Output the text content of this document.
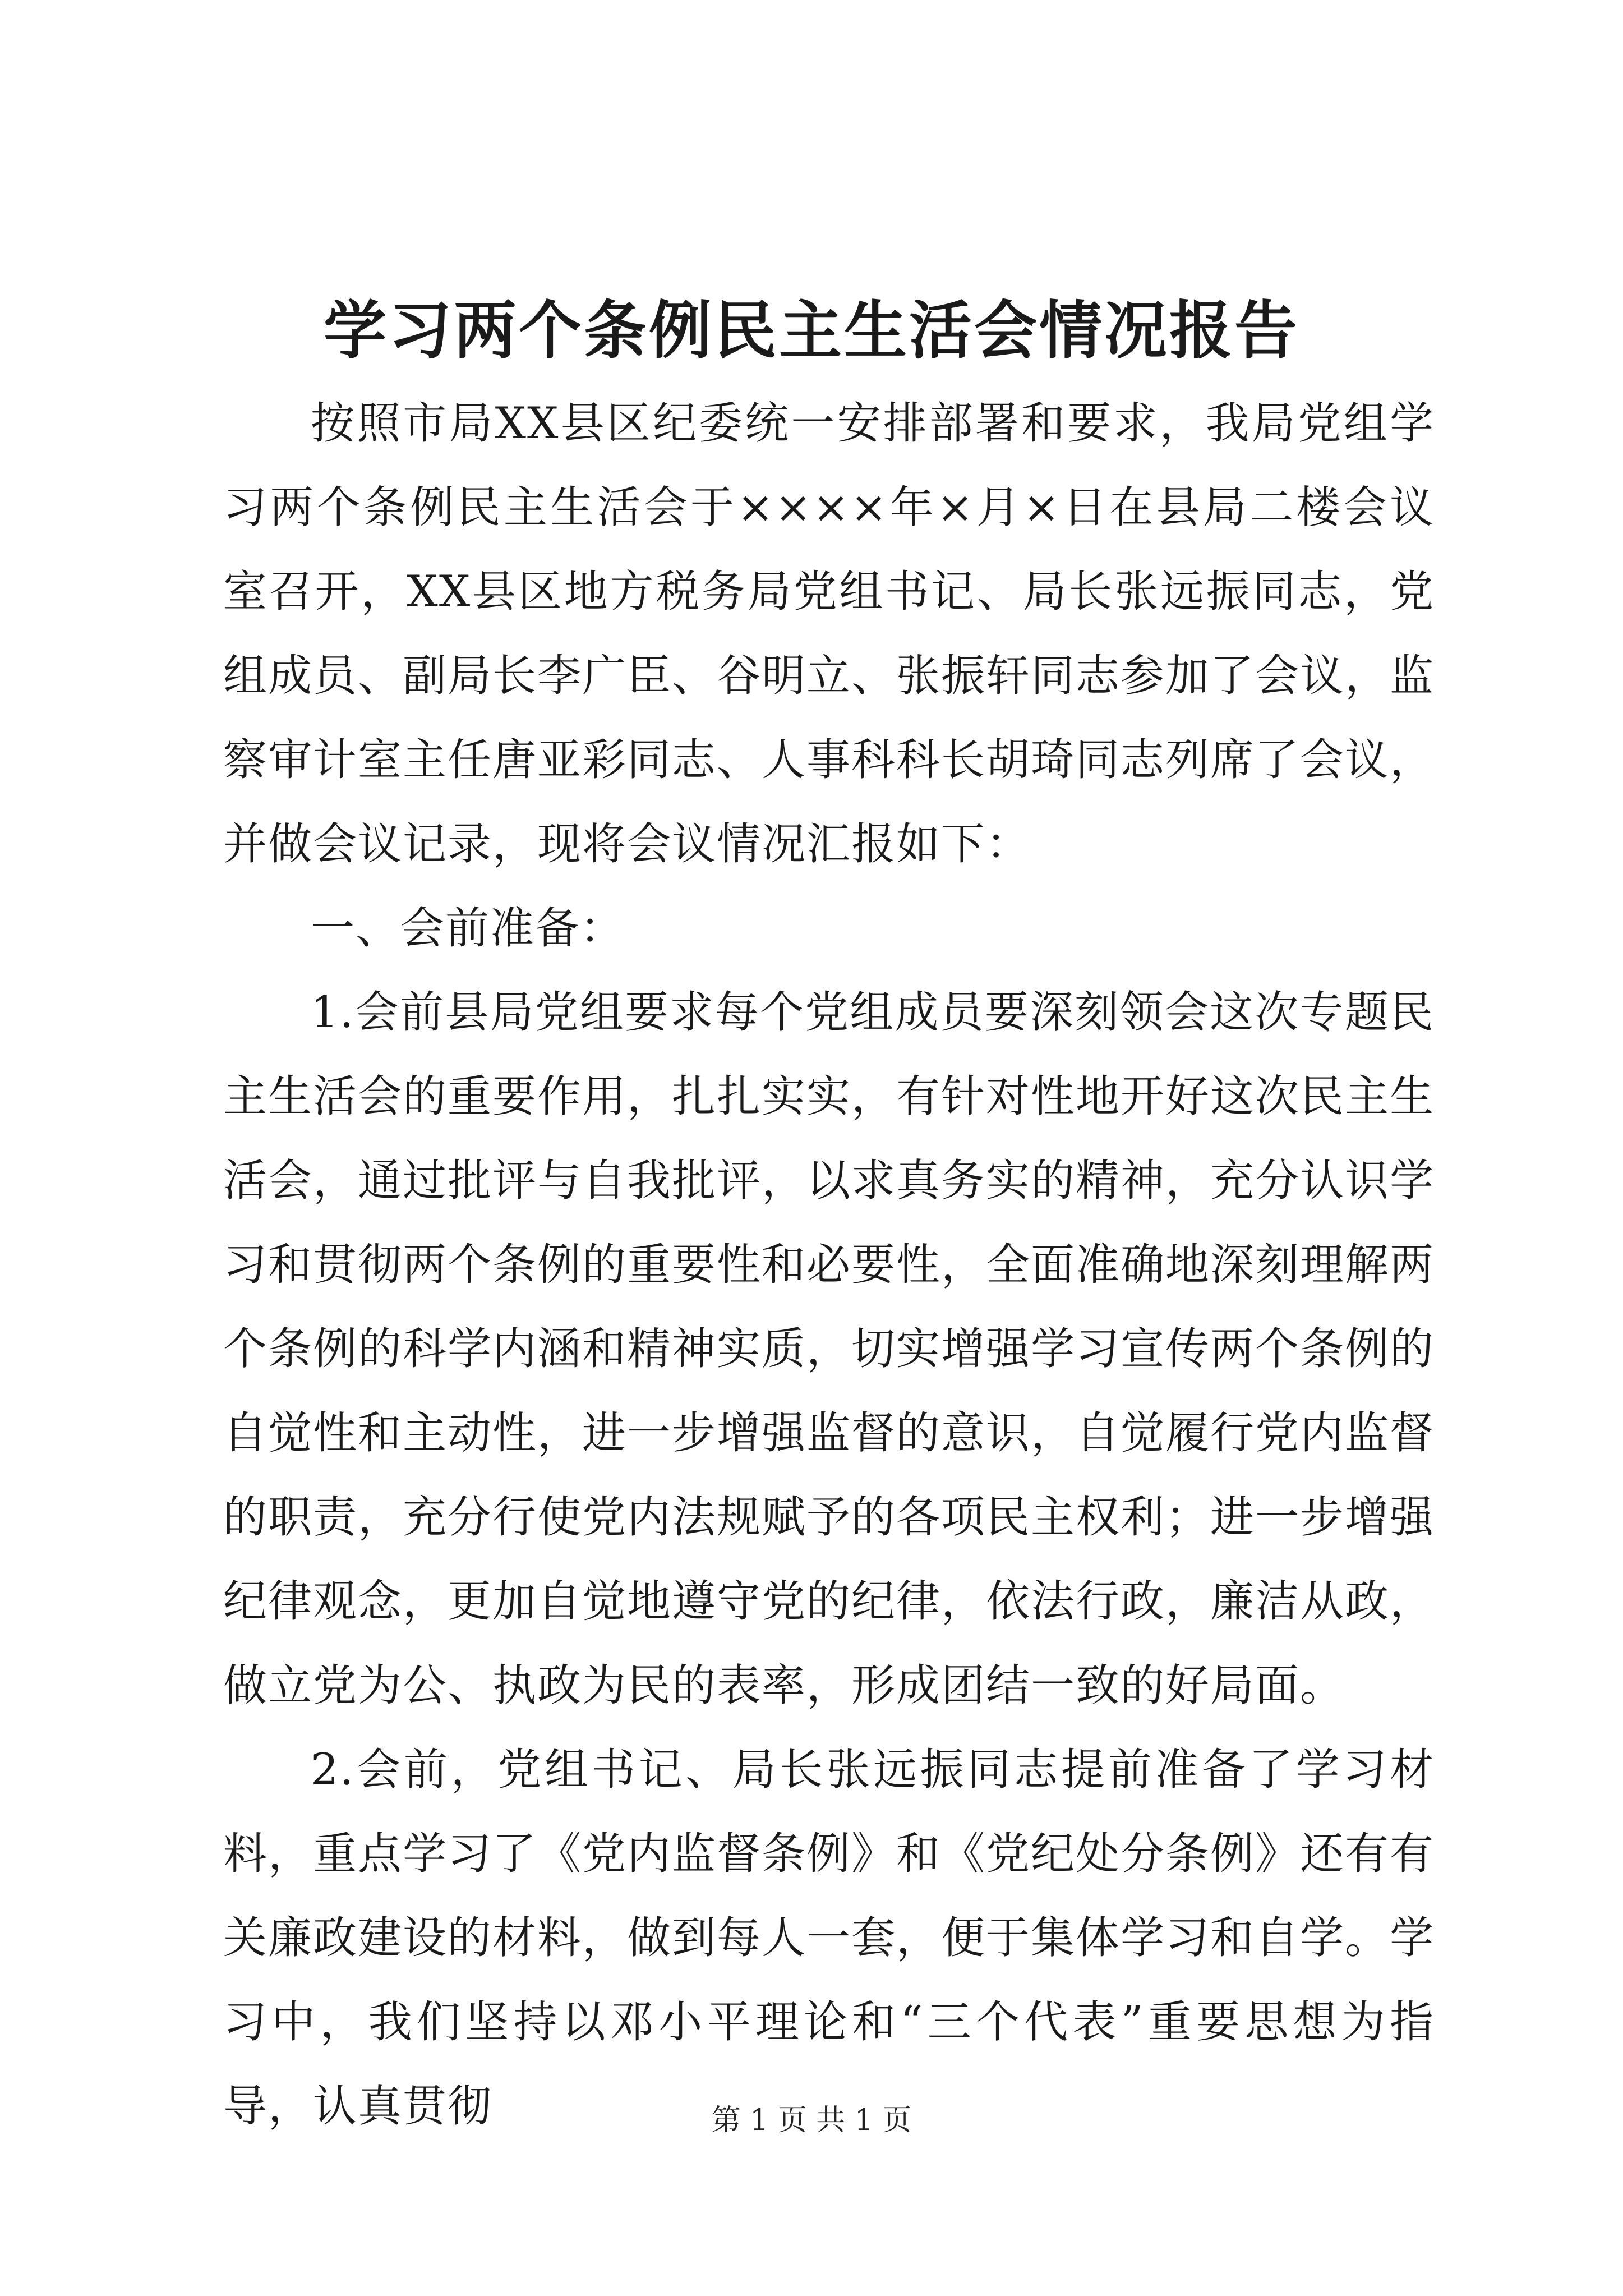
学习两个条例民主生活会情况报告

按照市局XX县区纪委统一安排部署和要求，我局党组学习两个条例民主生活会于××××年×月×日在县局二楼会议室召开，XX县区地方税务局党组书记、局长张远振同志，党组成员、副局长李广臣、谷明立、张振轩同志参加了会议，监察审计室主任唐亚彩同志、人事科科长胡琦同志列席了会议，并做会议记录，现将会议情况汇报如下：

一、会前准备：

1.会前县局党组要求每个党组成员要深刻领会这次专题民主生活会的重要作用，扎扎实实，有针对性地开好这次民主生活会，通过批评与自我批评，以求真务实的精神，充分认识学习和贯彻两个条例的重要性和必要性，全面准确地深刻理解两个条例的科学内涵和精神实质，切实增强学习宣传两个条例的自觉性和主动性，进一步增强监督的意识，自觉履行党内监督的职责，充分行使党内法规赋予的各项民主权利；进一步增强纪律观念，更加自觉地遵守党的纪律，依法行政，廉洁从政，做立党为公、执政为民的表率，形成团结一致的好局面。

2.会前，党组书记、局长张远振同志提前准备了学习材料，重点学习了《党内监督条例》和《党纪处分条例》还有有关廉政建设的材料，做到每人一套，便于集体学习和自学。学习中，我们坚持以邓小平理论和“三个代表”重要思想为指导，认真贯彻	第 1 页 共 1 页
